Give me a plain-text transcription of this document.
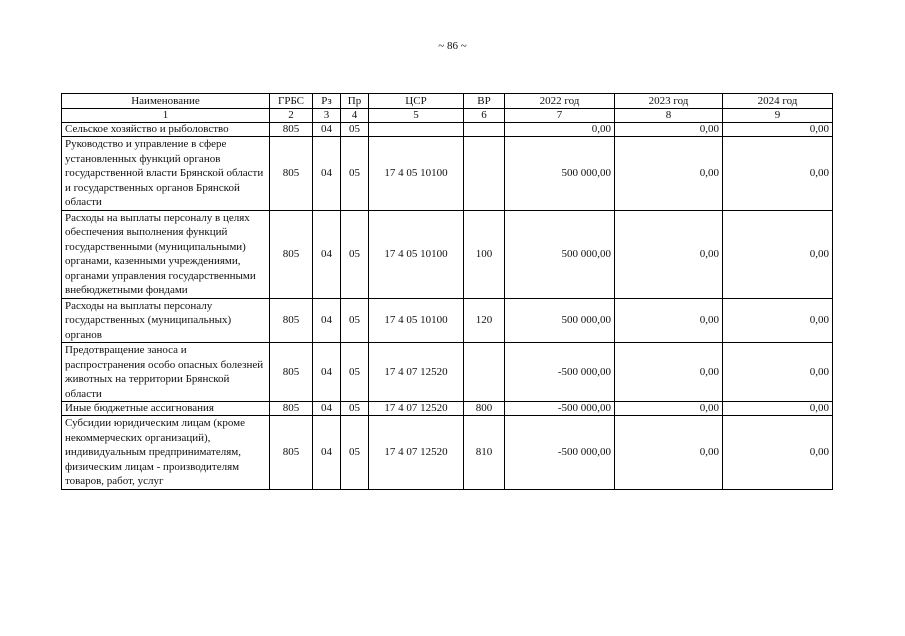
~ 86 ~
Наименование	ГРБС	Рз	Пр	ЦСР	ВР	2022 год	2023 год	2024 год
1	2	3	4	5	6	7	8	9
Сельское хозяйство и рыболовство	805	04	05			0,00	0,00	0,00
Руководство и управление в сфере установленных функций органов государственной власти Брянской области и государственных органов Брянской области	805	04	05	17 4 05 10100		500 000,00	0,00	0,00
Расходы на выплаты персоналу в целях обеспечения выполнения функций государственными (муниципальными) органами, казенными учреждениями, органами управления государственными внебюджетными фондами	805	04	05	17 4 05 10100	100	500 000,00	0,00	0,00
Расходы на выплаты персоналу государственных (муниципальных) органов	805	04	05	17 4 05 10100	120	500 000,00	0,00	0,00
Предотвращение заноса и распространения особо опасных болезней животных на территории Брянской области	805	04	05	17 4 07 12520		-500 000,00	0,00	0,00
Иные бюджетные ассигнования	805	04	05	17 4 07 12520	800	-500 000,00	0,00	0,00
Субсидии юридическим лицам (кроме некоммерческих организаций), индивидуальным предпринимателям, физическим лицам - производителям товаров, работ, услуг	805	04	05	17 4 07 12520	810	-500 000,00	0,00	0,00
